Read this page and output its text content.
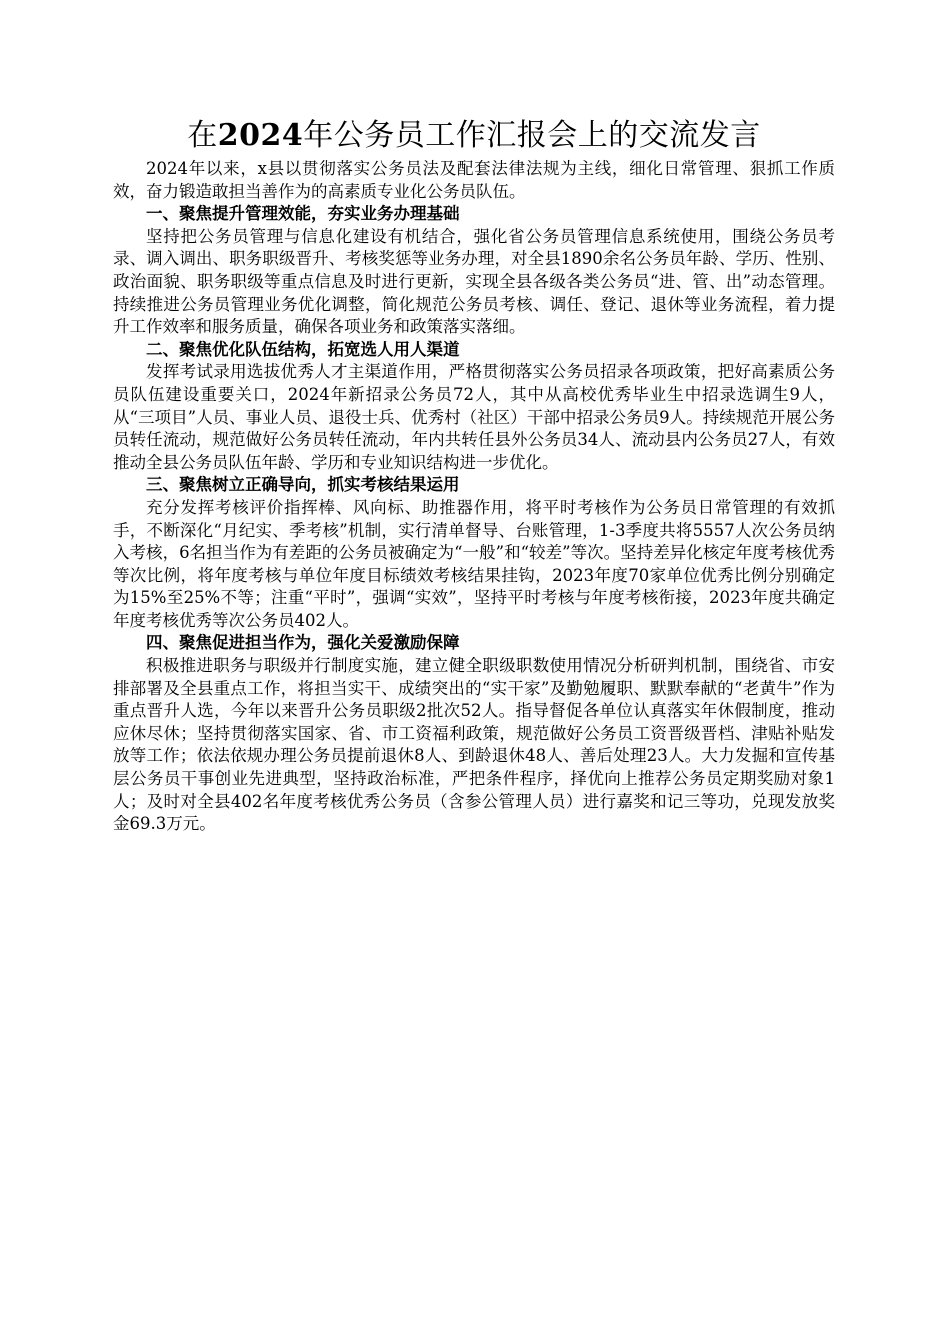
在2024年公务员工作汇报会上的交流发言

2024年以来，x县以贯彻落实公务员法及配套法律法规为主线，细化日常管理、狠抓工作质效，奋力锻造敢担当善作为的高素质专业化公务员队伍。

一、聚焦提升管理效能，夯实业务办理基础

坚持把公务员管理与信息化建设有机结合，强化省公务员管理信息系统使用，围绕公务员考录、调入调出、职务职级晋升、考核奖惩等业务办理，对全县1890余名公务员年龄、学历、性别、政治面貌、职务职级等重点信息及时进行更新，实现全县各级各类公务员“进、管、出”动态管理。持续推进公务员管理业务优化调整，简化规范公务员考核、调任、登记、退休等业务流程，着力提升工作效率和服务质量，确保各项业务和政策落实落细。

二、聚焦优化队伍结构，拓宽选人用人渠道

发挥考试录用选拔优秀人才主渠道作用，严格贯彻落实公务员招录各项政策，把好高素质公务员队伍建设重要关口，2024年新招录公务员72人，其中从高校优秀毕业生中招录选调生9人，从“三项目”人员、事业人员、退役士兵、优秀村（社区）干部中招录公务员9人。持续规范开展公务员转任流动，规范做好公务员转任流动，年内共转任县外公务员34人、流动县内公务员27人，有效推动全县公务员队伍年龄、学历和专业知识结构进一步优化。

三、聚焦树立正确导向，抓实考核结果运用

充分发挥考核评价指挥棒、风向标、助推器作用，将平时考核作为公务员日常管理的有效抓手，不断深化“月纪实、季考核”机制，实行清单督导、台账管理，1-3季度共将5557人次公务员纳入考核，6名担当作为有差距的公务员被确定为“一般”和“较差”等次。坚持差异化核定年度考核优秀等次比例，将年度考核与单位年度目标绩效考核结果挂钩，2023年度70家单位优秀比例分别确定为15%至25%不等；注重“平时”，强调“实效”，坚持平时考核与年度考核衔接，2023年度共确定年度考核优秀等次公务员402人。

四、聚焦促进担当作为，强化关爱激励保障

积极推进职务与职级并行制度实施，建立健全职级职数使用情况分析研判机制，围绕省、市安排部署及全县重点工作，将担当实干、成绩突出的“实干家”及勤勉履职、默默奉献的“老黄牛”作为重点晋升人选，今年以来晋升公务员职级2批次52人。指导督促各单位认真落实年休假制度，推动应休尽休；坚持贯彻落实国家、省、市工资福利政策，规范做好公务员工资晋级晋档、津贴补贴发放等工作；依法依规办理公务员提前退休8人、到龄退休48人、善后处理23人。大力发掘和宣传基层公务员干事创业先进典型，坚持政治标准，严把条件程序，择优向上推荐公务员定期奖励对象1人；及时对全县402名年度考核优秀公务员（含参公管理人员）进行嘉奖和记三等功，兑现发放奖金69.3万元。
